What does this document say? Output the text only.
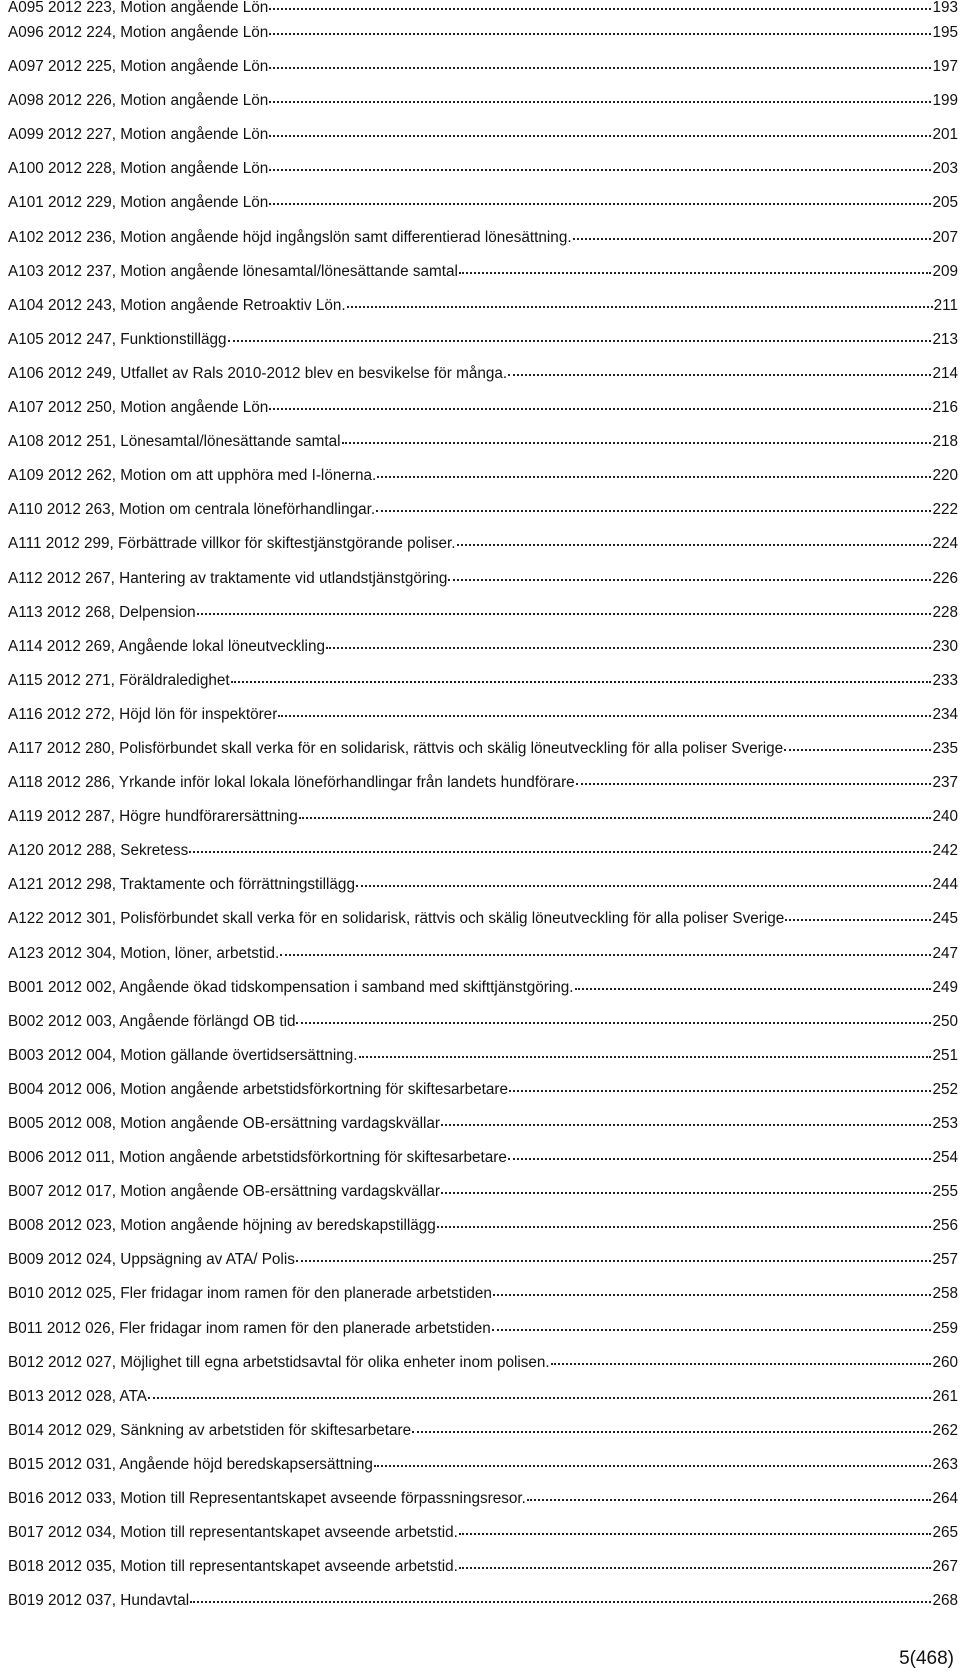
A095 2012 223, Motion angående Lön	193
A096 2012 224, Motion angående Lön	195
A097 2012 225, Motion angående Lön	197
A098 2012 226, Motion angående Lön	199
A099 2012 227, Motion angående Lön	201
A100 2012 228, Motion angående Lön	203
A101 2012 229, Motion angående Lön	205
A102 2012 236, Motion angående höjd ingångslön samt differentierad lönesättning.	207
A103 2012 237, Motion angående lönesamtal/lönesättande samtal	209
A104 2012 243, Motion angående Retroaktiv Lön.	211
A105 2012 247, Funktionstillägg	213
A106 2012 249, Utfallet av Rals 2010-2012 blev en besvikelse för många.	214
A107 2012 250, Motion angående Lön	216
A108 2012 251, Lönesamtal/lönesättande samtal	218
A109 2012 262, Motion om att upphöra med I-lönerna.	220
A110 2012 263, Motion om centrala löneförhandlingar.	222
A111 2012 299, Förbättrade villkor för skiftestjänstgörande poliser.	224
A112 2012 267, Hantering av traktamente vid utlandstjänstgöring	226
A113 2012 268, Delpension	228
A114 2012 269, Angående lokal löneutveckling	230
A115 2012 271, Föräldraledighet	233
A116 2012 272, Höjd lön för inspektörer	234
A117 2012 280, Polisförbundet skall verka för en solidarisk, rättvis och skälig löneutveckling för alla poliser Sverige	235
A118 2012 286, Yrkande inför lokal lokala löneförhandlingar från landets hundförare	237
A119 2012 287, Högre hundförarersättning	240
A120 2012 288, Sekretess	242
A121 2012 298, Traktamente och förrättningstillägg	244
A122 2012 301, Polisförbundet skall verka för en solidarisk, rättvis och skälig löneutveckling för alla poliser Sverige	245
A123 2012 304, Motion, löner, arbetstid.	247
B001 2012 002, Angående ökad tidskompensation i samband med skifttjänstgöring.	249
B002 2012 003, Angående förlängd OB tid	250
B003 2012 004, Motion gällande övertidsersättning.	251
B004 2012 006, Motion angående arbetstidsförkortning för skiftesarbetare	252
B005 2012 008, Motion angående OB-ersättning vardagskvällar	253
B006 2012 011, Motion angående arbetstidsförkortning för skiftesarbetare	254
B007 2012 017, Motion angående OB-ersättning vardagskvällar	255
B008 2012 023, Motion angående höjning av beredskapstillägg	256
B009 2012 024, Uppsägning av ATA/ Polis	257
B010 2012 025, Fler fridagar inom ramen för den planerade arbetstiden	258
B011 2012 026, Fler fridagar inom ramen för den planerade arbetstiden	259
B012 2012 027, Möjlighet till egna arbetstidsavtal för olika enheter inom polisen.	260
B013 2012 028, ATA	261
B014 2012 029, Sänkning av arbetstiden för skiftesarbetare	262
B015 2012 031, Angående höjd beredskapsersättning	263
B016 2012 033, Motion till Representantskapet avseende förpassningsresor.	264
B017 2012 034, Motion till representantskapet avseende arbetstid.	265
B018 2012 035, Motion till representantskapet avseende arbetstid.	267
B019 2012 037, Hundavtal	268
5(468)
